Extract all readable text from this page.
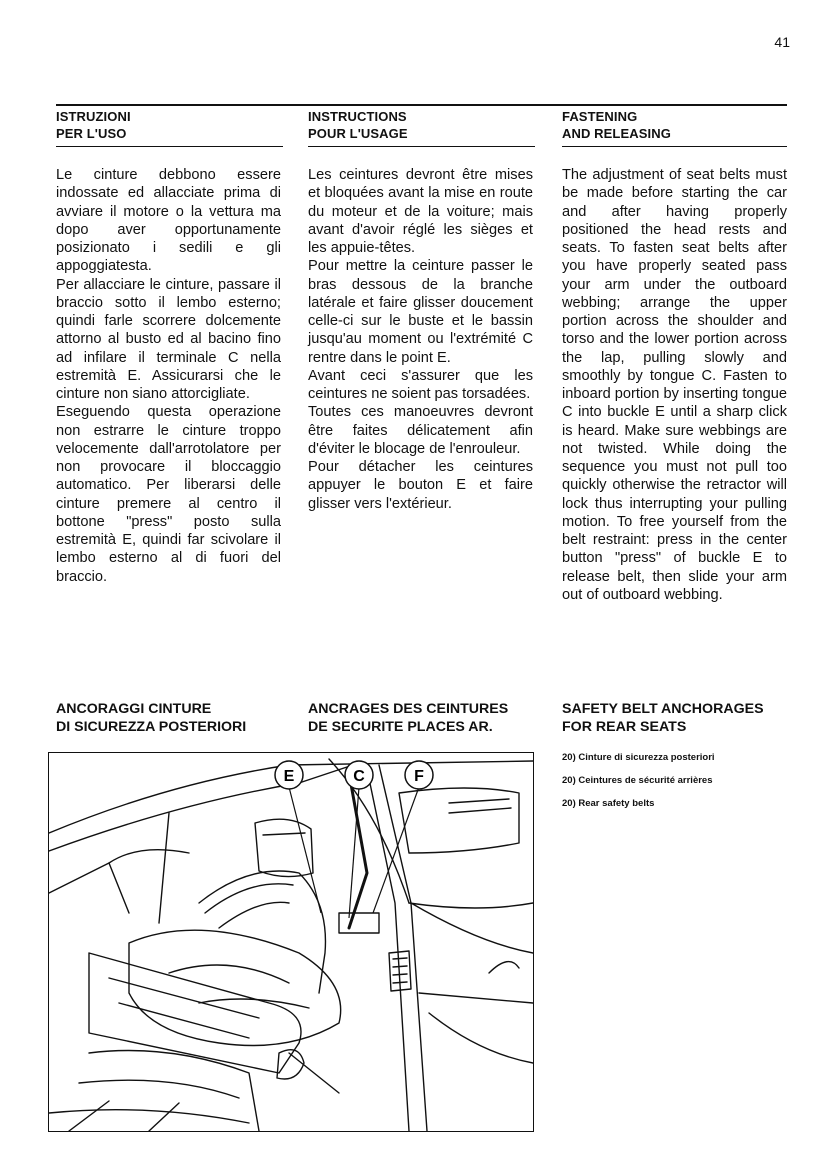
41
ISTRUZIONI
PER L'USO
INSTRUCTIONS
POUR L'USAGE
FASTENING
AND RELEASING

Le cinture debbono essere indossate ed allacciate prima di avviare il motore o la vettura ma dopo aver opportunamente posizionato i sedili e gli appoggiatesta.

Per allacciare le cinture, passare il braccio sotto il lembo esterno; quindi farle scorrere dolcemente attorno al busto ed al bacino fino ad infilare il terminale C nella estremità E. Assicurarsi che le cinture non siano attorcigliate.

Eseguendo questa operazione non estrarre le cinture troppo velocemente dall'arrotolatore per non provocare il bloccaggio automatico. Per liberarsi delle cinture premere al centro il bottone "press" posto sulla estremità E, quindi far scivolare il lembo esterno al di fuori del braccio.

Les ceintures devront être mises et bloquées avant la mise en route du moteur et de la voiture; mais avant d'avoir réglé les sièges et les appuie-têtes.

Pour mettre la ceinture passer le bras dessous de la branche latérale et faire glisser doucement celle-ci sur le buste et le bassin jusqu'au moment ou l'extrémité C rentre dans le point E.

Avant ceci s'assurer que les ceintures ne soient pas torsadées.

Toutes ces manoeuvres devront être faites délicatement afin d'éviter le blocage de l'enrouleur.

Pour détacher les ceintures appuyer le bouton E et faire glisser vers l'extérieur.

The adjustment of seat belts must be made before starting the car and after having properly positioned the head rests and seats. To fasten seat belts after you have properly seated pass your arm under the outboard webbing; arrange the upper portion across the shoulder and torso and the lower portion across the lap, pulling slowly and smoothly by tongue C. Fasten to inboard portion by inserting tongue C into buckle E until a sharp click is heard. Make sure webbings are not twisted. While doing the sequence you must not pull too quickly otherwise the retractor will lock thus interrupting your pulling motion. To free yourself from the belt restraint: press in the center button "press" of buckle E to release belt, then slide your arm out of outboard webbing.

ANCORAGGI CINTURE
DI SICUREZZA POSTERIORI
ANCRAGES DES CEINTURES
DE SECURITE PLACES AR.
SAFETY BELT ANCHORAGES
FOR REAR SEATS
20) Cinture di sicurezza posteriori
20) Ceintures de sécurité arrières
20) Rear safety belts
E	C	F
